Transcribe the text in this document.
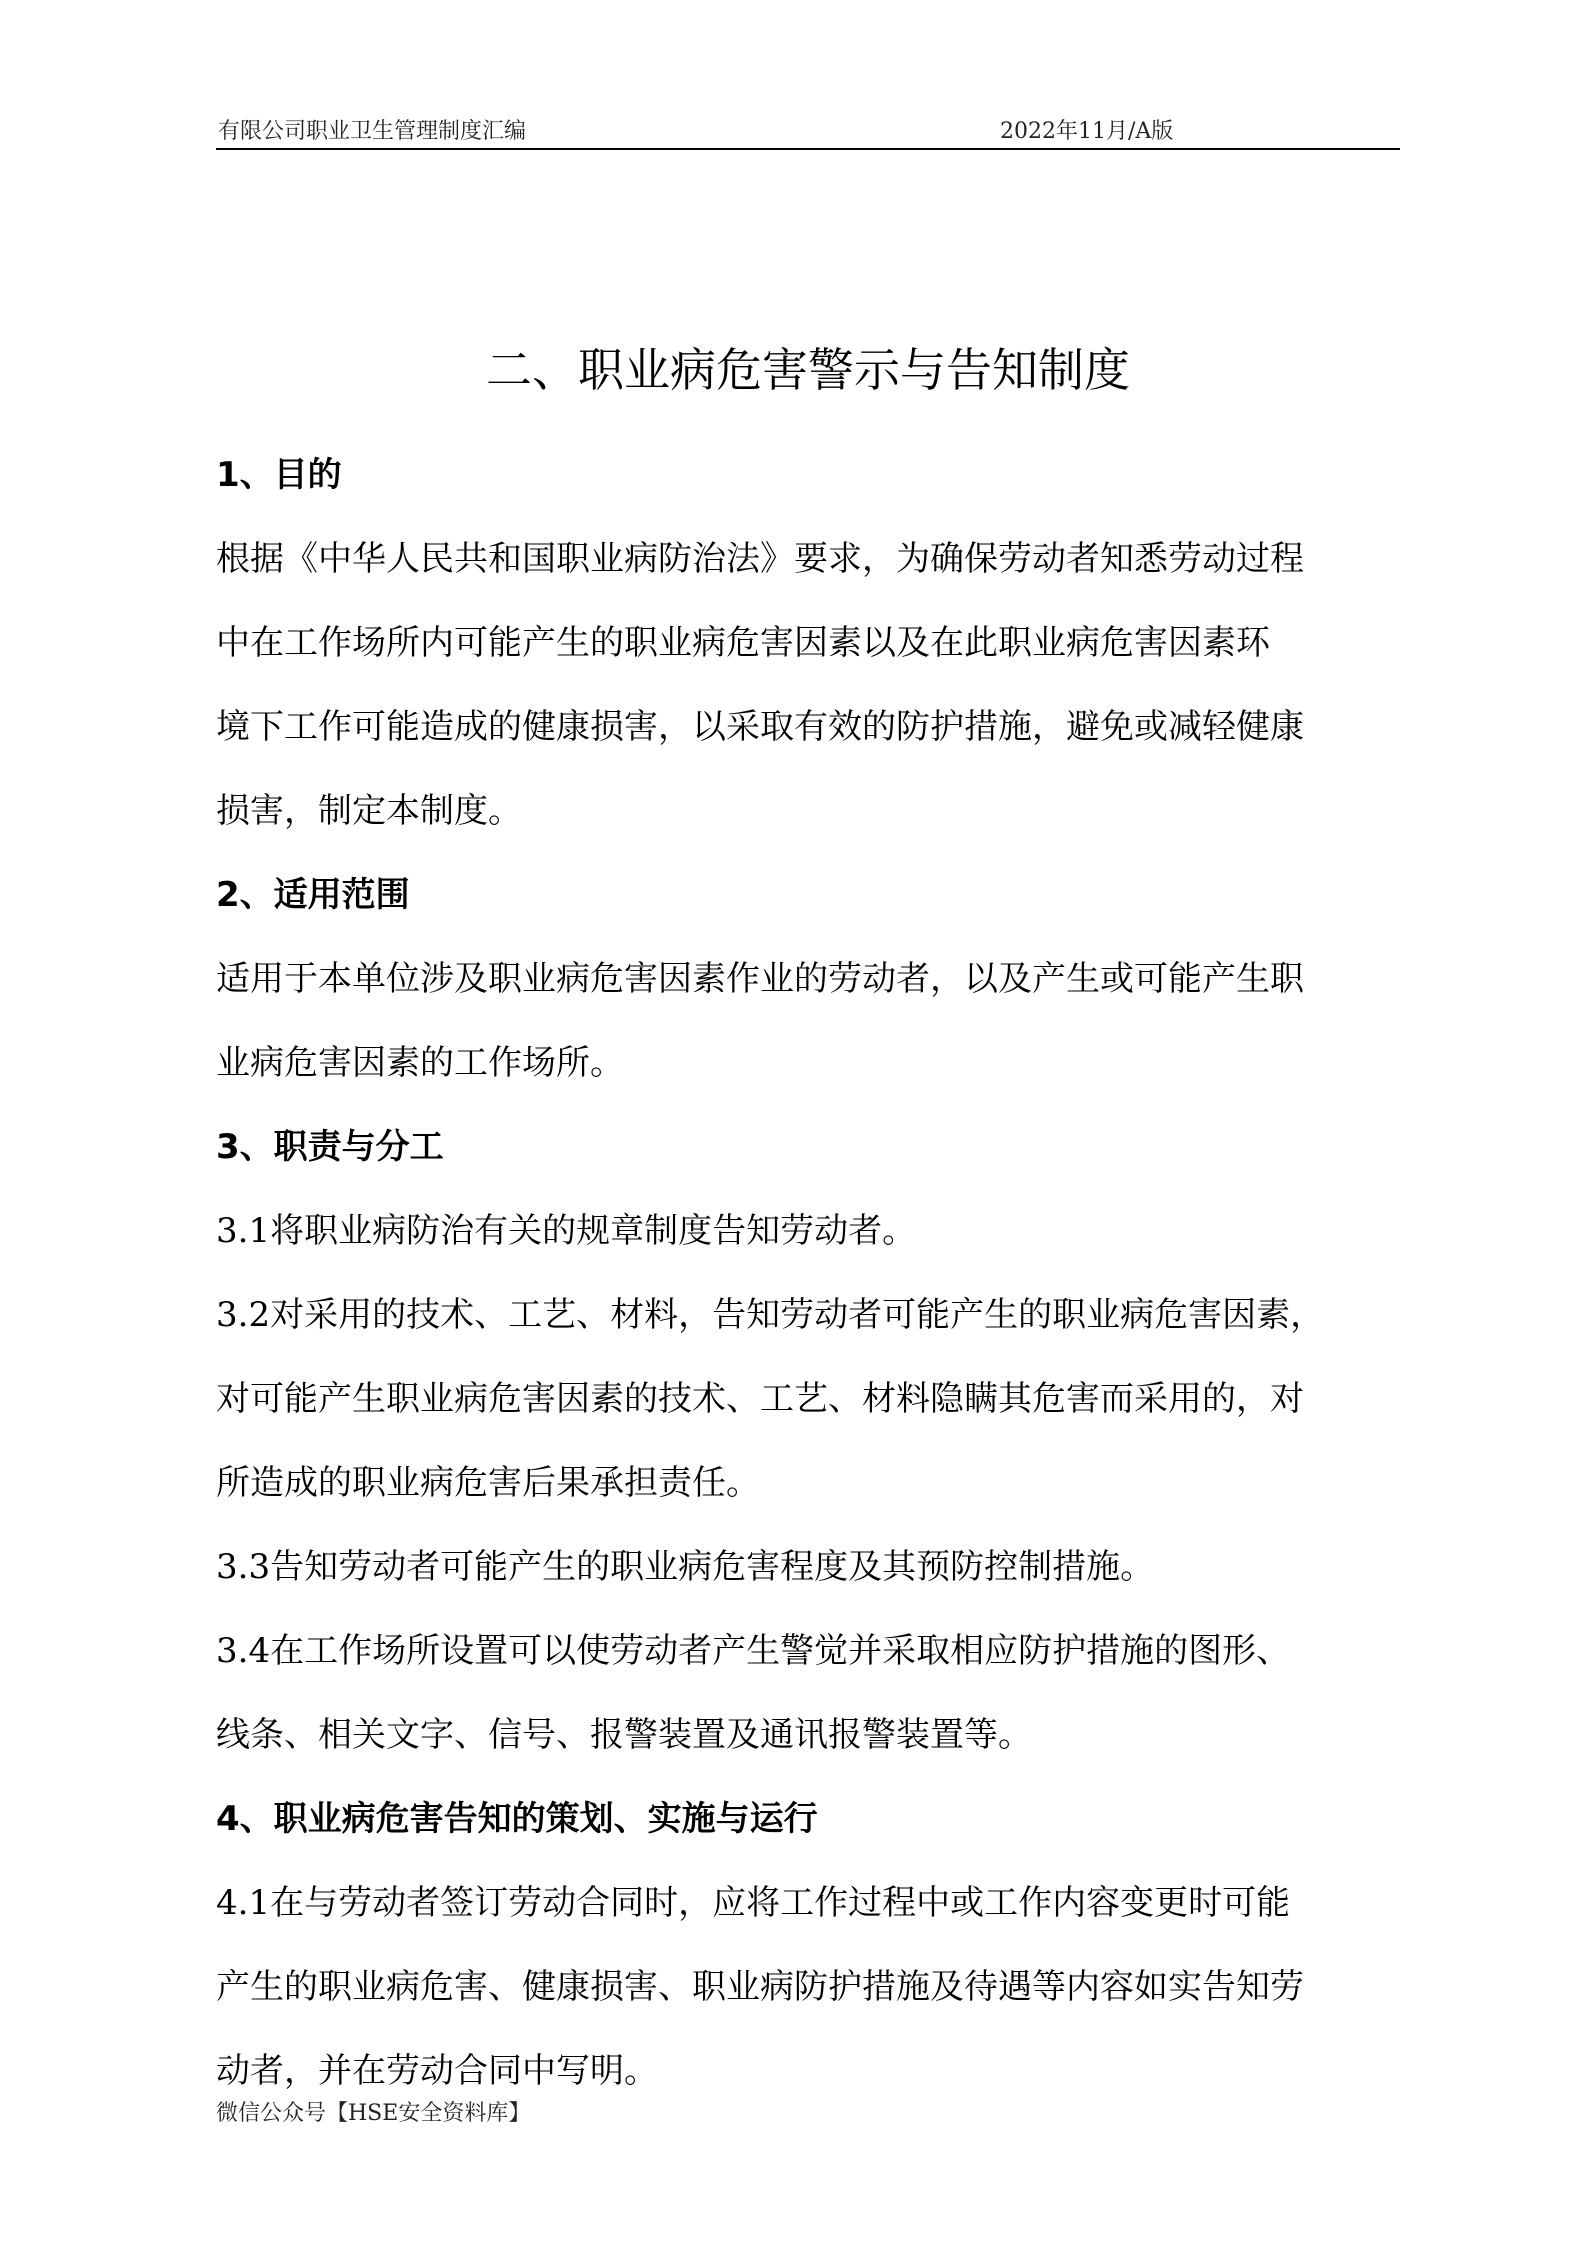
有限公司职业卫生管理制度汇编	2022年11月/A版
二、职业病危害警示与告知制度
1、目的

根据《中华人民共和国职业病防治法》要求，为确保劳动者知悉劳动过程
中在工作场所内可能产生的职业病危害因素以及在此职业病危害因素环
境下工作可能造成的健康损害，以采取有效的防护措施，避免或减轻健康
损害，制定本制度。

2、适用范围

适用于本单位涉及职业病危害因素作业的劳动者，以及产生或可能产生职
业病危害因素的工作场所。

3、职责与分工

3.1将职业病防治有关的规章制度告知劳动者。

3.2对采用的技术、工艺、材料，告知劳动者可能产生的职业病危害因素，
对可能产生职业病危害因素的技术、工艺、材料隐瞒其危害而采用的，对
所造成的职业病危害后果承担责任。

3.3告知劳动者可能产生的职业病危害程度及其预防控制措施。

3.4在工作场所设置可以使劳动者产生警觉并采取相应防护措施的图形、
线条、相关文字、信号、报警装置及通讯报警装置等。

4、职业病危害告知的策划、实施与运行

4.1在与劳动者签订劳动合同时，应将工作过程中或工作内容变更时可能
产生的职业病危害、健康损害、职业病防护措施及待遇等内容如实告知劳
动者，并在劳动合同中写明。

微信公众号【HSE安全资料库】
